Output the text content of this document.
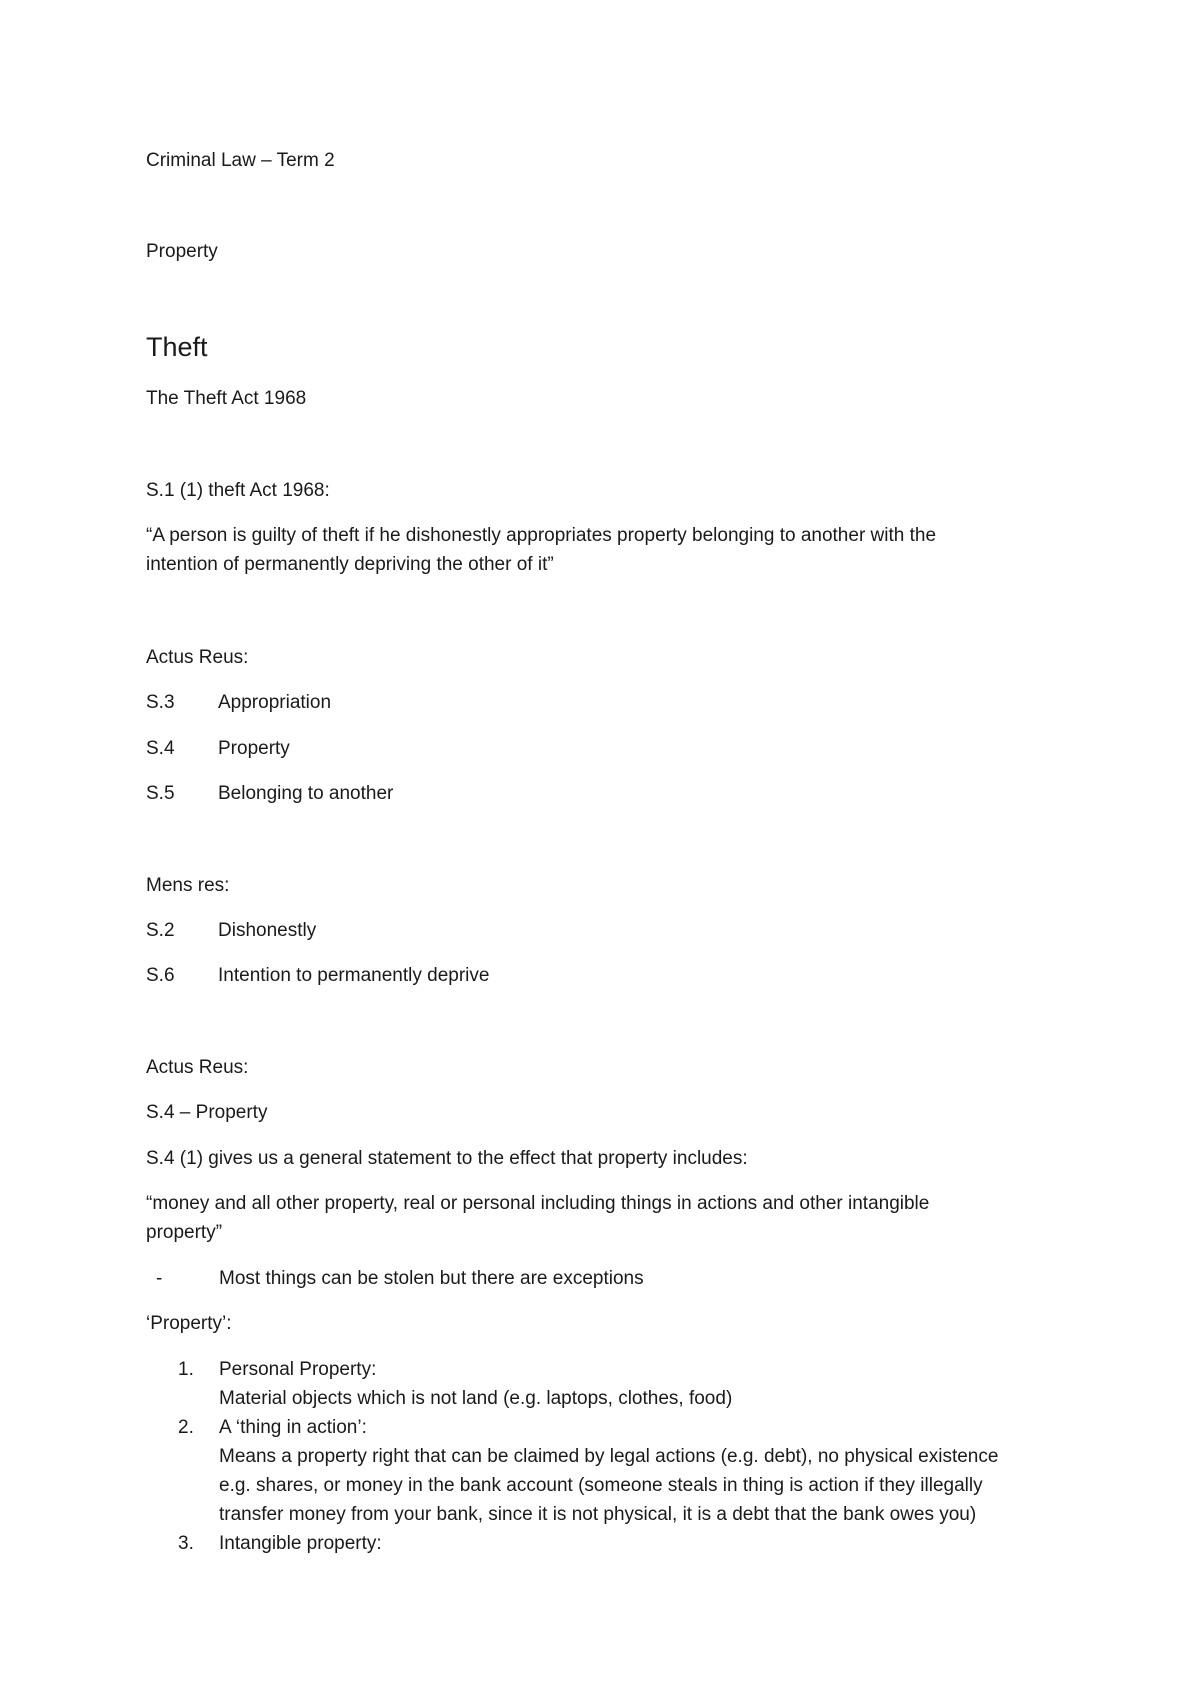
Criminal Law – Term 2
Property
Theft
The Theft Act 1968
S.1 (1) theft Act 1968:
“A person is guilty of theft if he dishonestly appropriates property belonging to another with the
intention of permanently depriving the other of it”
Actus Reus:
S.3 Appropriation
S.4 Property
S.5 Belonging to another
Mens res:
S.2 Dishonestly
S.6 Intention to permanently deprive
Actus Reus:
S.4 – Property
S.4 (1) gives us a general statement to the effect that property includes:
“money and all other property, real or personal including things in actions and other intangible
property”
-	Most things can be stolen but there are exceptions
‘Property’:
1. Personal Property:
Material objects which is not land (e.g. laptops, clothes, food)
2. A ‘thing in action’:
Means a property right that can be claimed by legal actions (e.g. debt), no physical existence
e.g. shares, or money in the bank account (someone steals in thing is action if they illegally
transfer money from your bank, since it is not physical, it is a debt that the bank owes you)
3. Intangible property:
